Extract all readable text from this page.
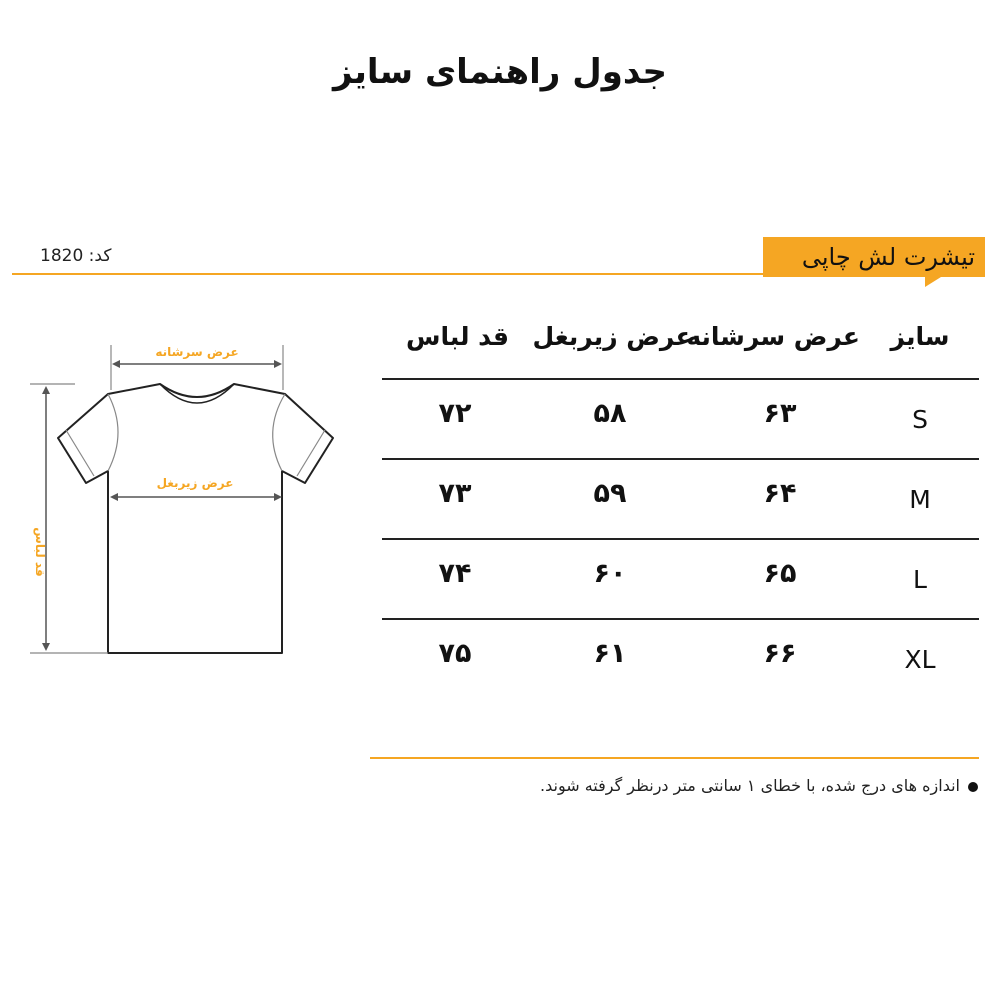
جدول راهنمای سایز
کد: 1820	تیشرت لش چاپی
عرض سرشانه
عرض زیربغل
قد لباس
سایز
عرض سرشانه
عرض زیربغل
قد لباس
S
۶۳
۵۸
۷۲
M
۶۴
۵۹
۷۳
L
۶۵
۶۰
۷۴
XL
۶۶
۶۱
۷۵
اندازه های درج شده، با خطای ۱ سانتی متر درنظر گرفته شوند.
